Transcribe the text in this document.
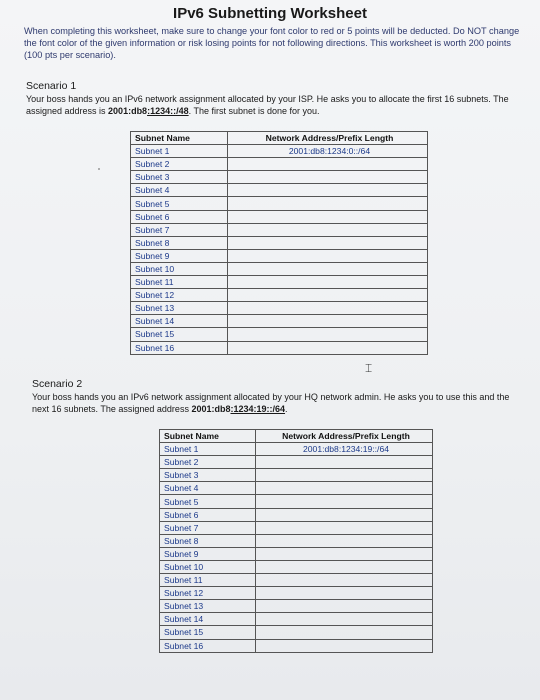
IPv6 Subnetting Worksheet
When completing this worksheet, make sure to change your font color to red or 5 points will be deducted. Do NOT change the font color of the given information or risk losing points for not following directions. This worksheet is worth 200 points (100 pts per scenario).
Scenario 1
Your boss hands you an IPv6 network assignment allocated by your ISP. He asks you to allocate the first 16 subnets. The assigned address is 2001:db8:1234::/48. The first subnet is done for you.
Subnet Name	Network Address/Prefix Length
Subnet 1	2001:db8:1234:0::/64
Subnet 2	
Subnet 3	
Subnet 4	
Subnet 5	
Subnet 6	
Subnet 7	
Subnet 8	
Subnet 9	
Subnet 10	
Subnet 11	
Subnet 12	
Subnet 13	
Subnet 14	
Subnet 15	
Subnet 16	
⌶
Scenario 2
Your boss hands you an IPv6 network assignment allocated by your HQ network admin. He asks you to use this and the next 16 subnets. The assigned address 2001:db8:1234:19::/64.
Subnet Name	Network Address/Prefix Length
Subnet 1	2001:db8:1234:19::/64
Subnet 2	
Subnet 3	
Subnet 4	
Subnet 5	
Subnet 6	
Subnet 7	
Subnet 8	
Subnet 9	
Subnet 10	
Subnet 11	
Subnet 12	
Subnet 13	
Subnet 14	
Subnet 15	
Subnet 16	
